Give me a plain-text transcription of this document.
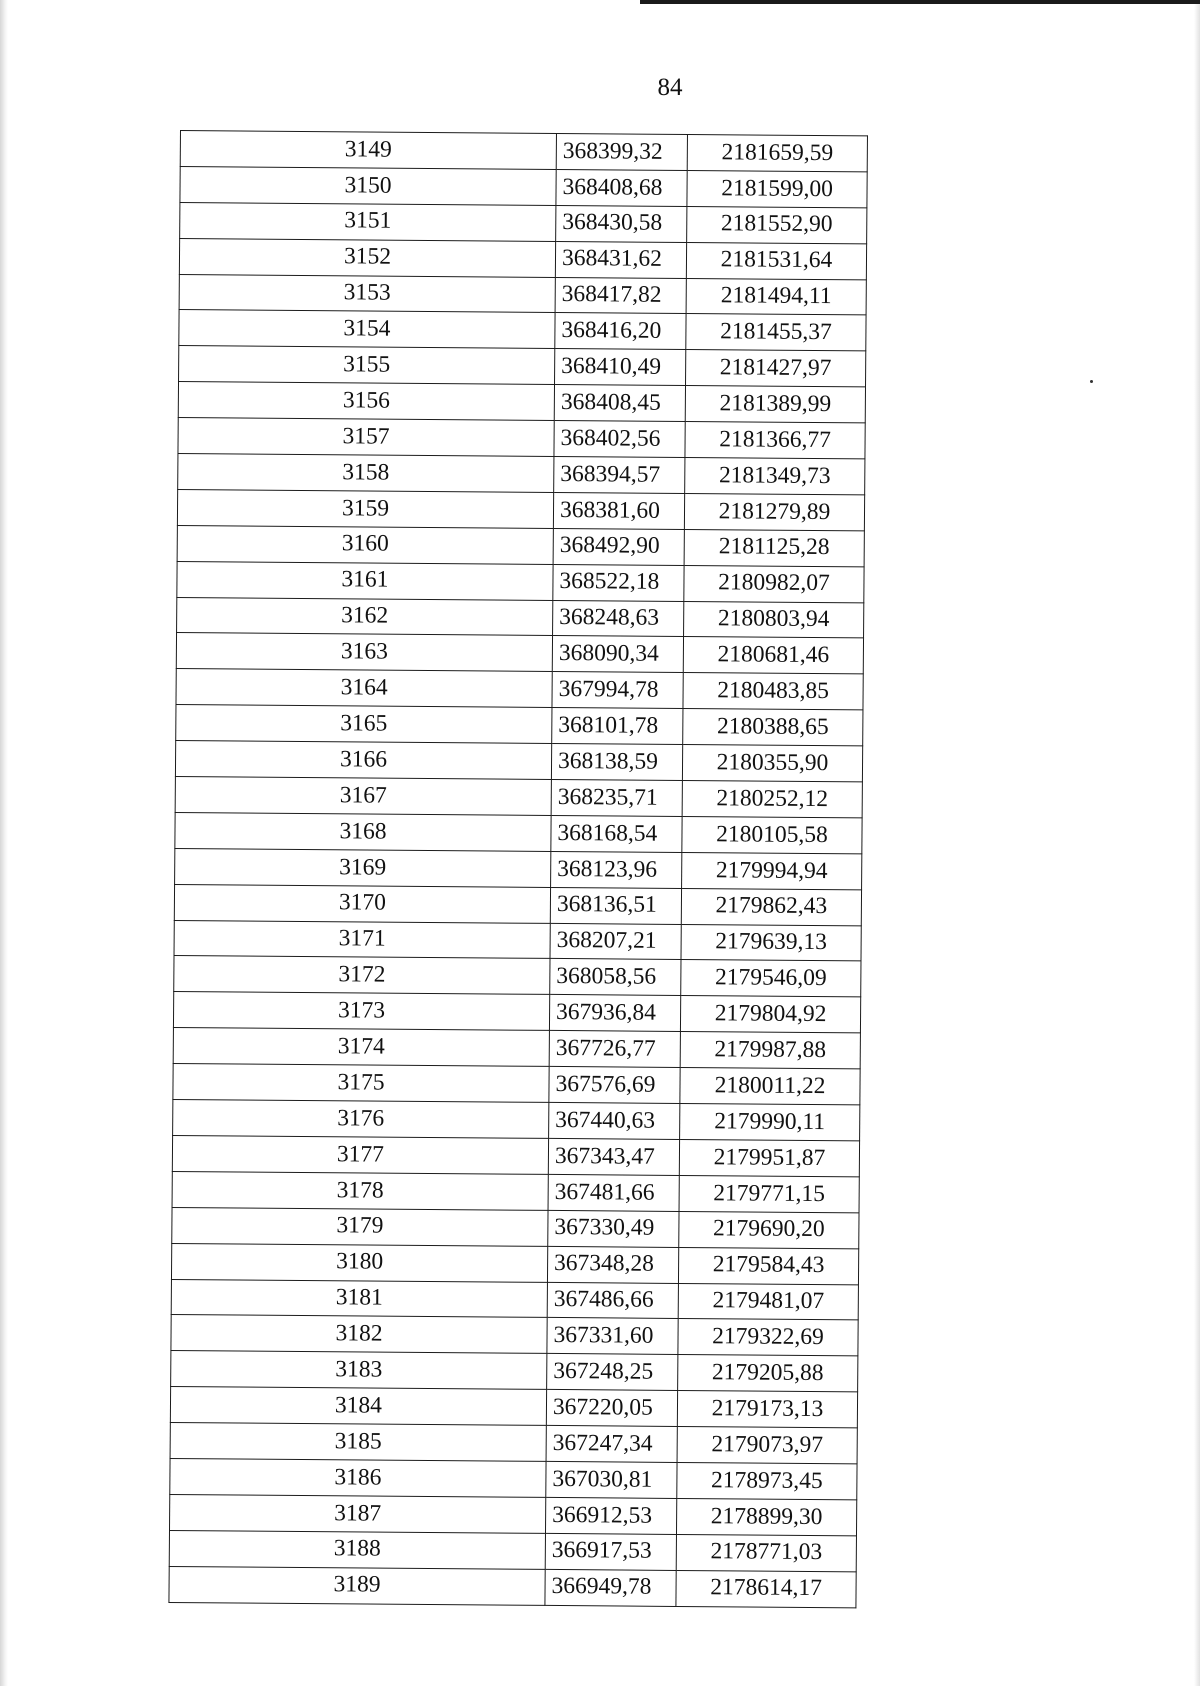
84
3149	368399,32	2181659,59
3150	368408,68	2181599,00
3151	368430,58	2181552,90
3152	368431,62	2181531,64
3153	368417,82	2181494,11
3154	368416,20	2181455,37
3155	368410,49	2181427,97
3156	368408,45	2181389,99
3157	368402,56	2181366,77
3158	368394,57	2181349,73
3159	368381,60	2181279,89
3160	368492,90	2181125,28
3161	368522,18	2180982,07
3162	368248,63	2180803,94
3163	368090,34	2180681,46
3164	367994,78	2180483,85
3165	368101,78	2180388,65
3166	368138,59	2180355,90
3167	368235,71	2180252,12
3168	368168,54	2180105,58
3169	368123,96	2179994,94
3170	368136,51	2179862,43
3171	368207,21	2179639,13
3172	368058,56	2179546,09
3173	367936,84	2179804,92
3174	367726,77	2179987,88
3175	367576,69	2180011,22
3176	367440,63	2179990,11
3177	367343,47	2179951,87
3178	367481,66	2179771,15
3179	367330,49	2179690,20
3180	367348,28	2179584,43
3181	367486,66	2179481,07
3182	367331,60	2179322,69
3183	367248,25	2179205,88
3184	367220,05	2179173,13
3185	367247,34	2179073,97
3186	367030,81	2178973,45
3187	366912,53	2178899,30
3188	366917,53	2178771,03
3189	366949,78	2178614,17
